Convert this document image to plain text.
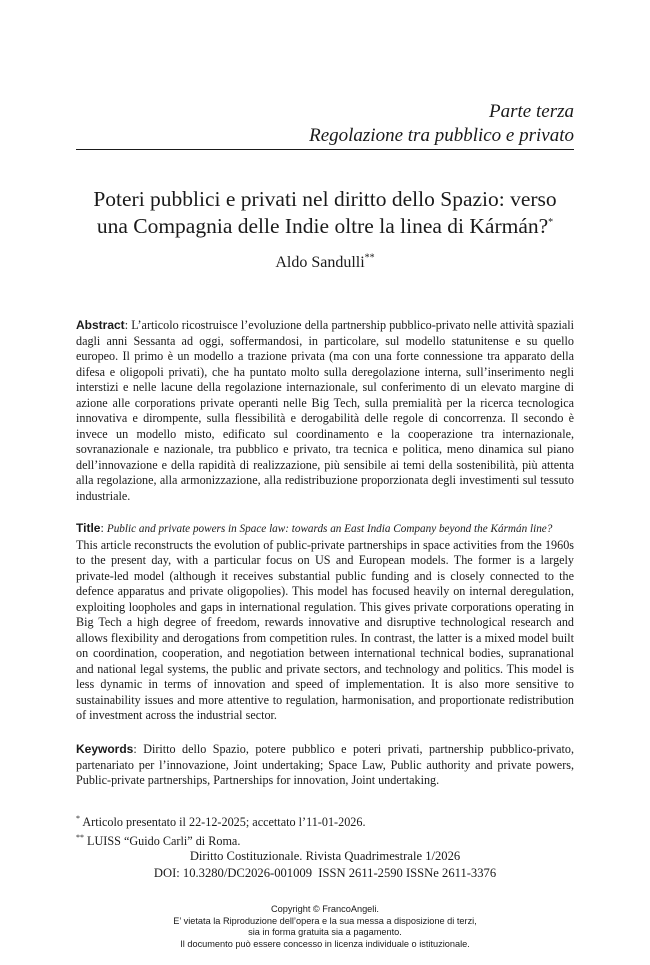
Parte terza
Regolazione tra pubblico e privato
Poteri pubblici e privati nel diritto dello Spazio: verso
una Compagnia delle Indie oltre la linea di Kármán?*
Aldo Sandulli**
Abstract: L’articolo ricostruisce l’evoluzione della partnership pubblico-privato nelle attività spaziali dagli anni Sessanta ad oggi, soffermandosi, in particolare, sul modello statunitense e su quello europeo. Il primo è un modello a trazione privata (ma con una forte connessione tra apparato della difesa e oligopoli privati), che ha puntato molto sulla deregolazione interna, sull’inserimento negli interstizi e nelle lacune della regolazione internazionale, sul conferimento di un elevato margine di azione alle corporations private operanti nelle Big Tech, sulla premialità per la ricerca tecnologica innovativa e dirompente, sulla flessibilità e derogabilità delle regole di concorrenza. Il secondo è invece un modello misto, edificato sul coordinamento e la cooperazione tra internazionale, sovranazionale e nazionale, tra pubblico e privato, tra tecnica e politica, meno dinamica sul piano dell’innovazione e della rapidità di realizzazione, più sensibile ai temi della sostenibilità, più attenta alla regolazione, alla armonizzazione, alla redistribuzione proporzionata degli investimenti sul tessuto industriale.
Title: Public and private powers in Space law: towards an East India Company beyond the Kármán line?
This article reconstructs the evolution of public-private partnerships in space activities from the 1960s to the present day, with a particular focus on US and European models. The former is a largely private-led model (although it receives substantial public funding and is closely connected to the defence apparatus and private oligopolies). This model has focused heavily on internal deregulation, exploiting loopholes and gaps in international regulation. This gives private corporations operating in Big Tech a high degree of freedom, rewards innovative and disruptive technological research and allows flexibility and derogations from competition rules. In contrast, the latter is a mixed model built on coordination, cooperation, and negotiation between international technical bodies, supranational and national legal systems, the public and private sectors, and technology and politics. This model is less dynamic in terms of innovation and speed of implementation. It is also more sensitive to sustainability issues and more attentive to regulation, harmonisation, and proportionate redistribution of investment across the industrial sector.
Keywords: Diritto dello Spazio, potere pubblico e poteri privati, partnership pubblico-privato, partenariato per l’innovazione, Joint undertaking; Space Law, Public authority and private powers, Public-private partnerships, Partnerships for innovation, Joint undertaking.
* Articolo presentato il 22-12-2025; accettato l’11-01-2026.
** LUISS “Guido Carli” di Roma.
Diritto Costituzionale. Rivista Quadrimestrale 1/2026
DOI: 10.3280/DC2026-001009  ISSN 2611-2590 ISSNe 2611-3376
Copyright © FrancoAngeli.
E’ vietata la Riproduzione dell’opera e la sua messa a disposizione di terzi,
sia in forma gratuita sia a pagamento.
Il documento può essere concesso in licenza individuale o istituzionale.
